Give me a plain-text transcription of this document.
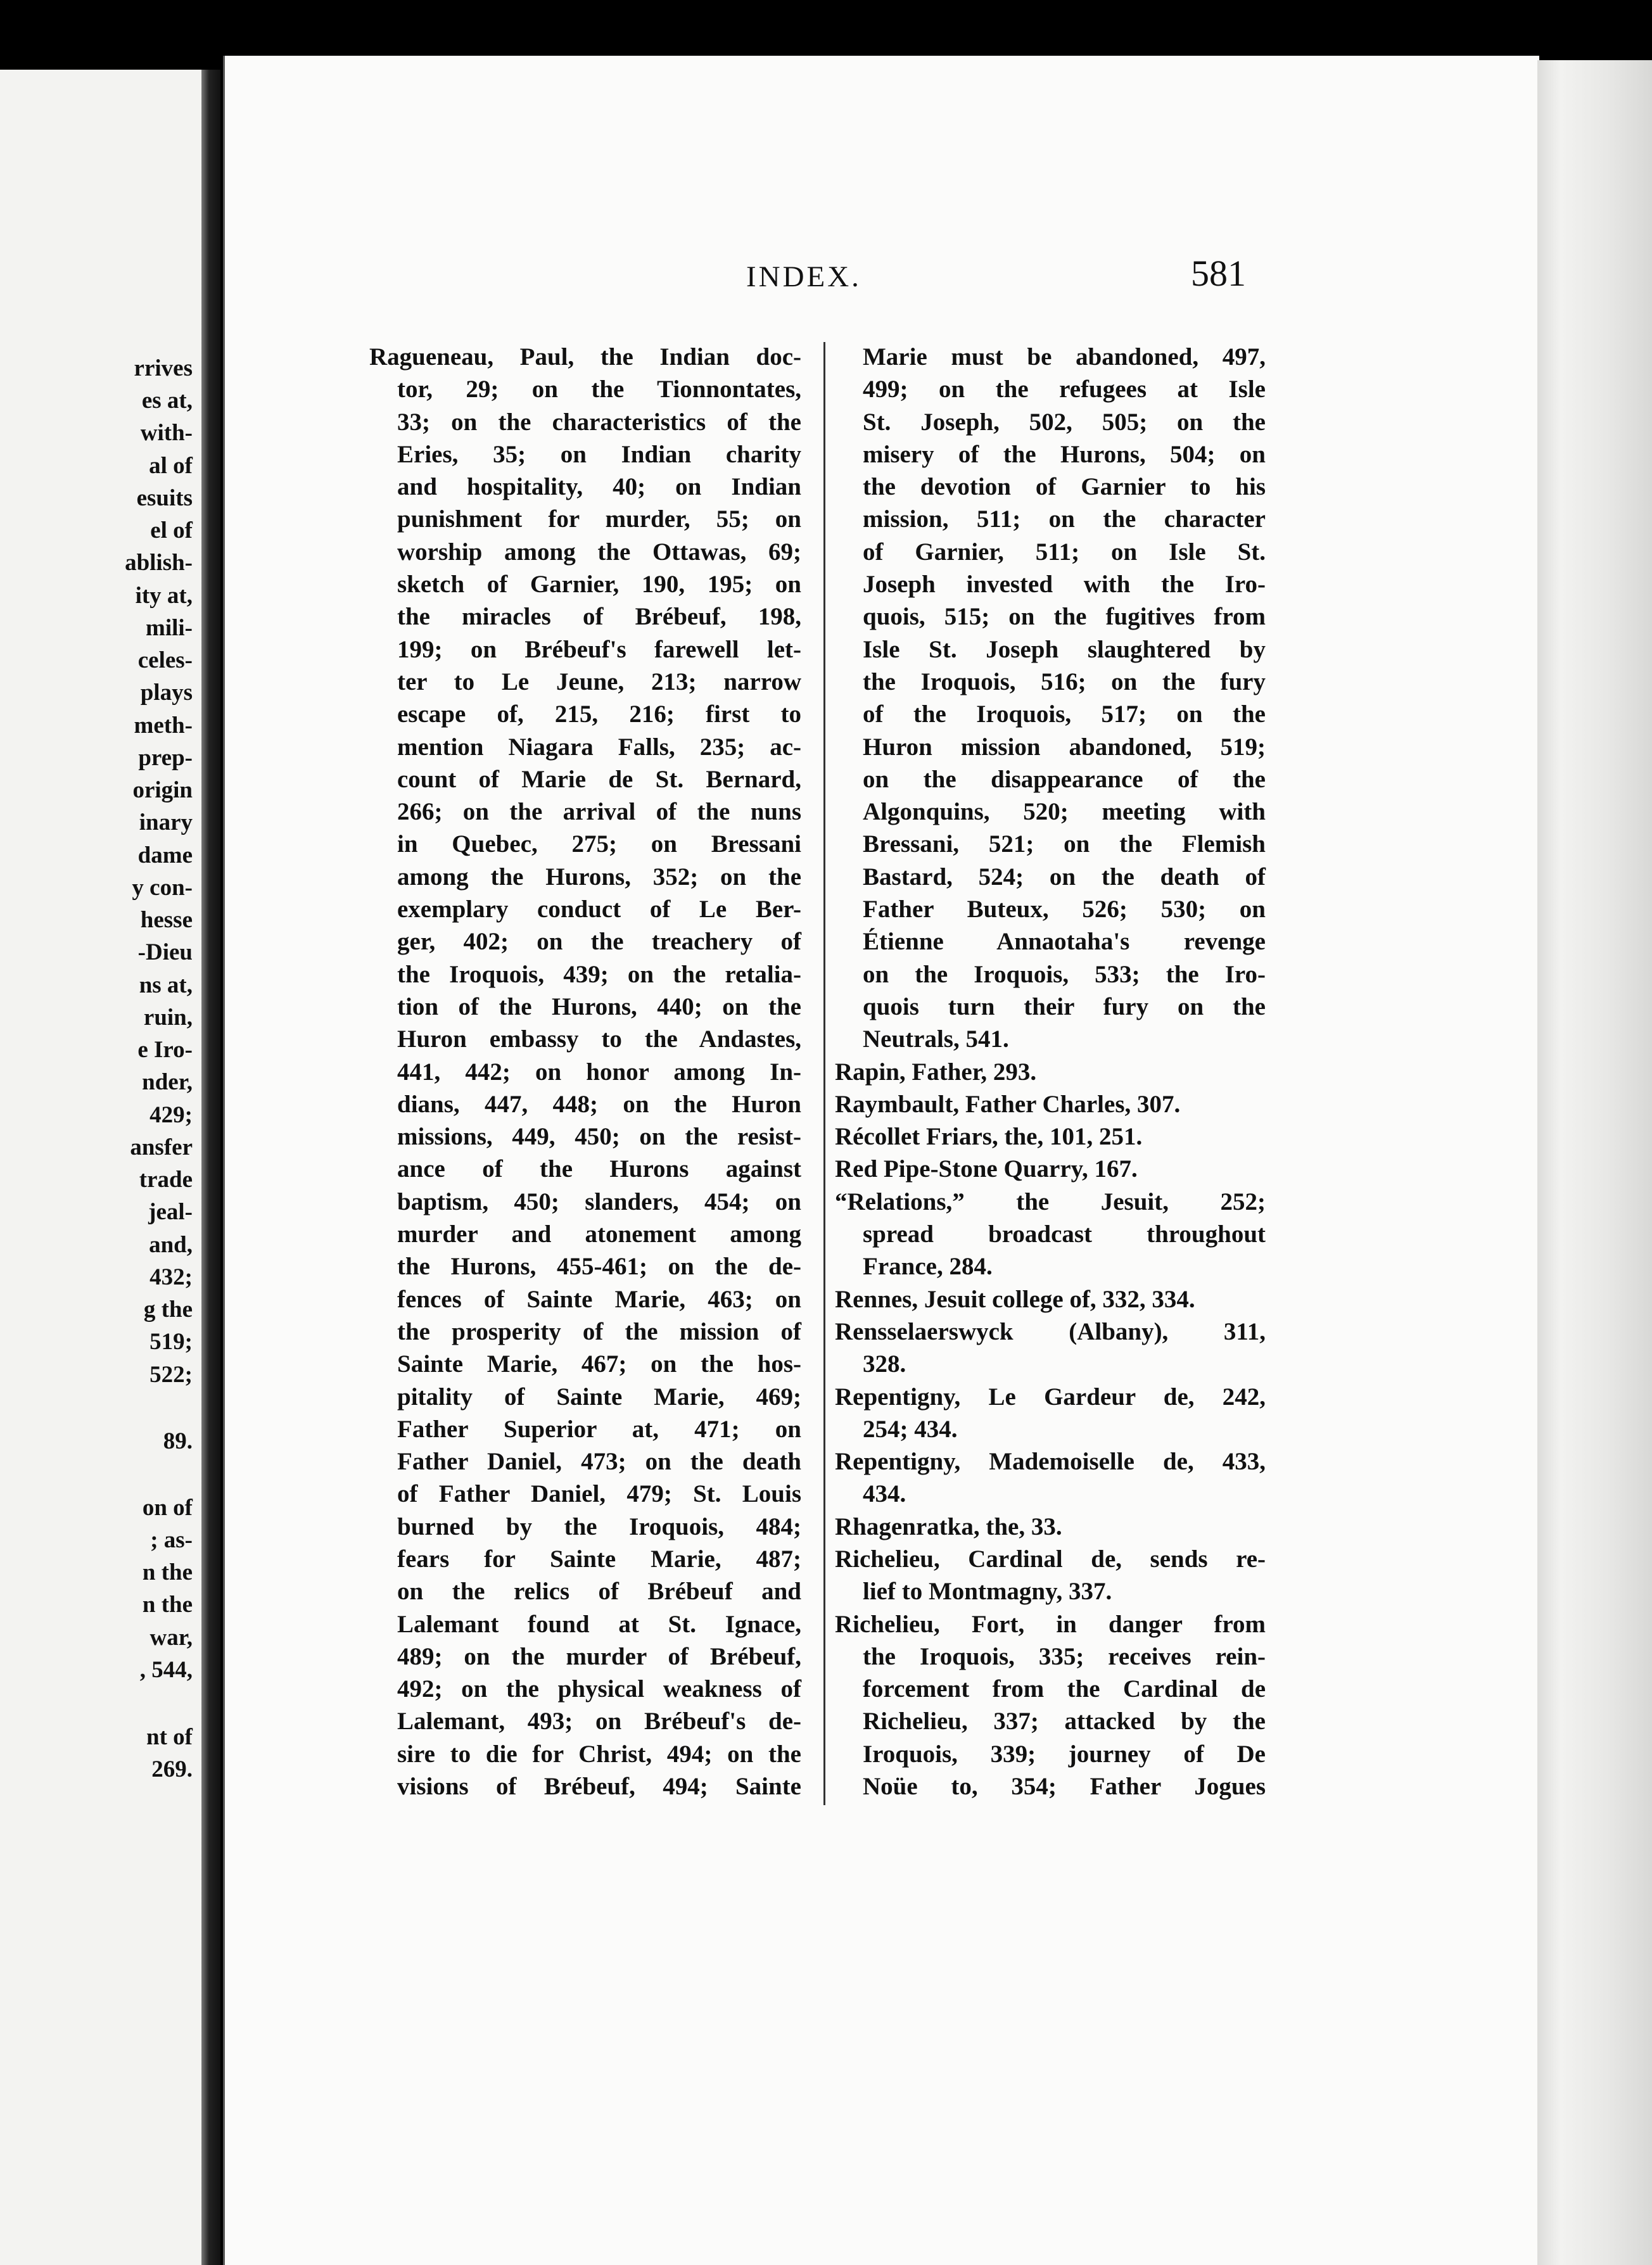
rrives
es at,
with-
al of
esuits
el of
ablish-
ity at,
mili-
celes-
plays
meth-
prep-
origin
inary
dame
y con-
hesse
-Dieu
ns at,
ruin,
e Iro-
nder,
429;
ansfer
trade
jeal-
and,
432;
g the
519;
522;
89.
on of
; as-
n the
n the
war,
, 544,
nt of
269.
INDEX.	581
Ragueneau, Paul, the Indian doc-
tor, 29; on the Tionnontates,
33; on the characteristics of the
Eries, 35; on Indian charity
and hospitality, 40; on Indian
punishment for murder, 55; on
worship among the Ottawas, 69;
sketch of Garnier, 190, 195; on
the miracles of Brébeuf, 198,
199; on Brébeuf's farewell let-
ter to Le Jeune, 213; narrow
escape of, 215, 216; first to
mention Niagara Falls, 235; ac-
count of Marie de St. Bernard,
266; on the arrival of the nuns
in Quebec, 275; on Bressani
among the Hurons, 352; on the
exemplary conduct of Le Ber-
ger, 402; on the treachery of
the Iroquois, 439; on the retalia-
tion of the Hurons, 440; on the
Huron embassy to the Andastes,
441, 442; on honor among In-
dians, 447, 448; on the Huron
missions, 449, 450; on the resist-
ance of the Hurons against
baptism, 450; slanders, 454; on
murder and atonement among
the Hurons, 455-461; on the de-
fences of Sainte Marie, 463; on
the prosperity of the mission of
Sainte Marie, 467; on the hos-
pitality of Sainte Marie, 469;
Father Superior at, 471; on
Father Daniel, 473; on the death
of Father Daniel, 479; St. Louis
burned by the Iroquois, 484;
fears for Sainte Marie, 487;
on the relics of Brébeuf and
Lalemant found at St. Ignace,
489; on the murder of Brébeuf,
492; on the physical weakness of
Lalemant, 493; on Brébeuf's de-
sire to die for Christ, 494; on the
visions of Brébeuf, 494; Sainte
Marie must be abandoned, 497,
499; on the refugees at Isle
St. Joseph, 502, 505; on the
misery of the Hurons, 504; on
the devotion of Garnier to his
mission, 511; on the character
of Garnier, 511; on Isle St.
Joseph invested with the Iro-
quois, 515; on the fugitives from
Isle St. Joseph slaughtered by
the Iroquois, 516; on the fury
of the Iroquois, 517; on the
Huron mission abandoned, 519;
on the disappearance of the
Algonquins, 520; meeting with
Bressani, 521; on the Flemish
Bastard, 524; on the death of
Father Buteux, 526; 530; on
Étienne Annaotaha's revenge
on the Iroquois, 533; the Iro-
quois turn their fury on the
Neutrals, 541.
Rapin, Father, 293.
Raymbault, Father Charles, 307.
Récollet Friars, the, 101, 251.
Red Pipe-Stone Quarry, 167.
“Relations,” the Jesuit, 252;
spread broadcast throughout
France, 284.
Rennes, Jesuit college of, 332, 334.
Rensselaerswyck (Albany), 311,
328.
Repentigny, Le Gardeur de, 242,
254; 434.
Repentigny, Mademoiselle de, 433,
434.
Rhagenratka, the, 33.
Richelieu, Cardinal de, sends re-
lief to Montmagny, 337.
Richelieu, Fort, in danger from
the Iroquois, 335; receives rein-
forcement from the Cardinal de
Richelieu, 337; attacked by the
Iroquois, 339; journey of De
Noüe to, 354; Father Jogues
